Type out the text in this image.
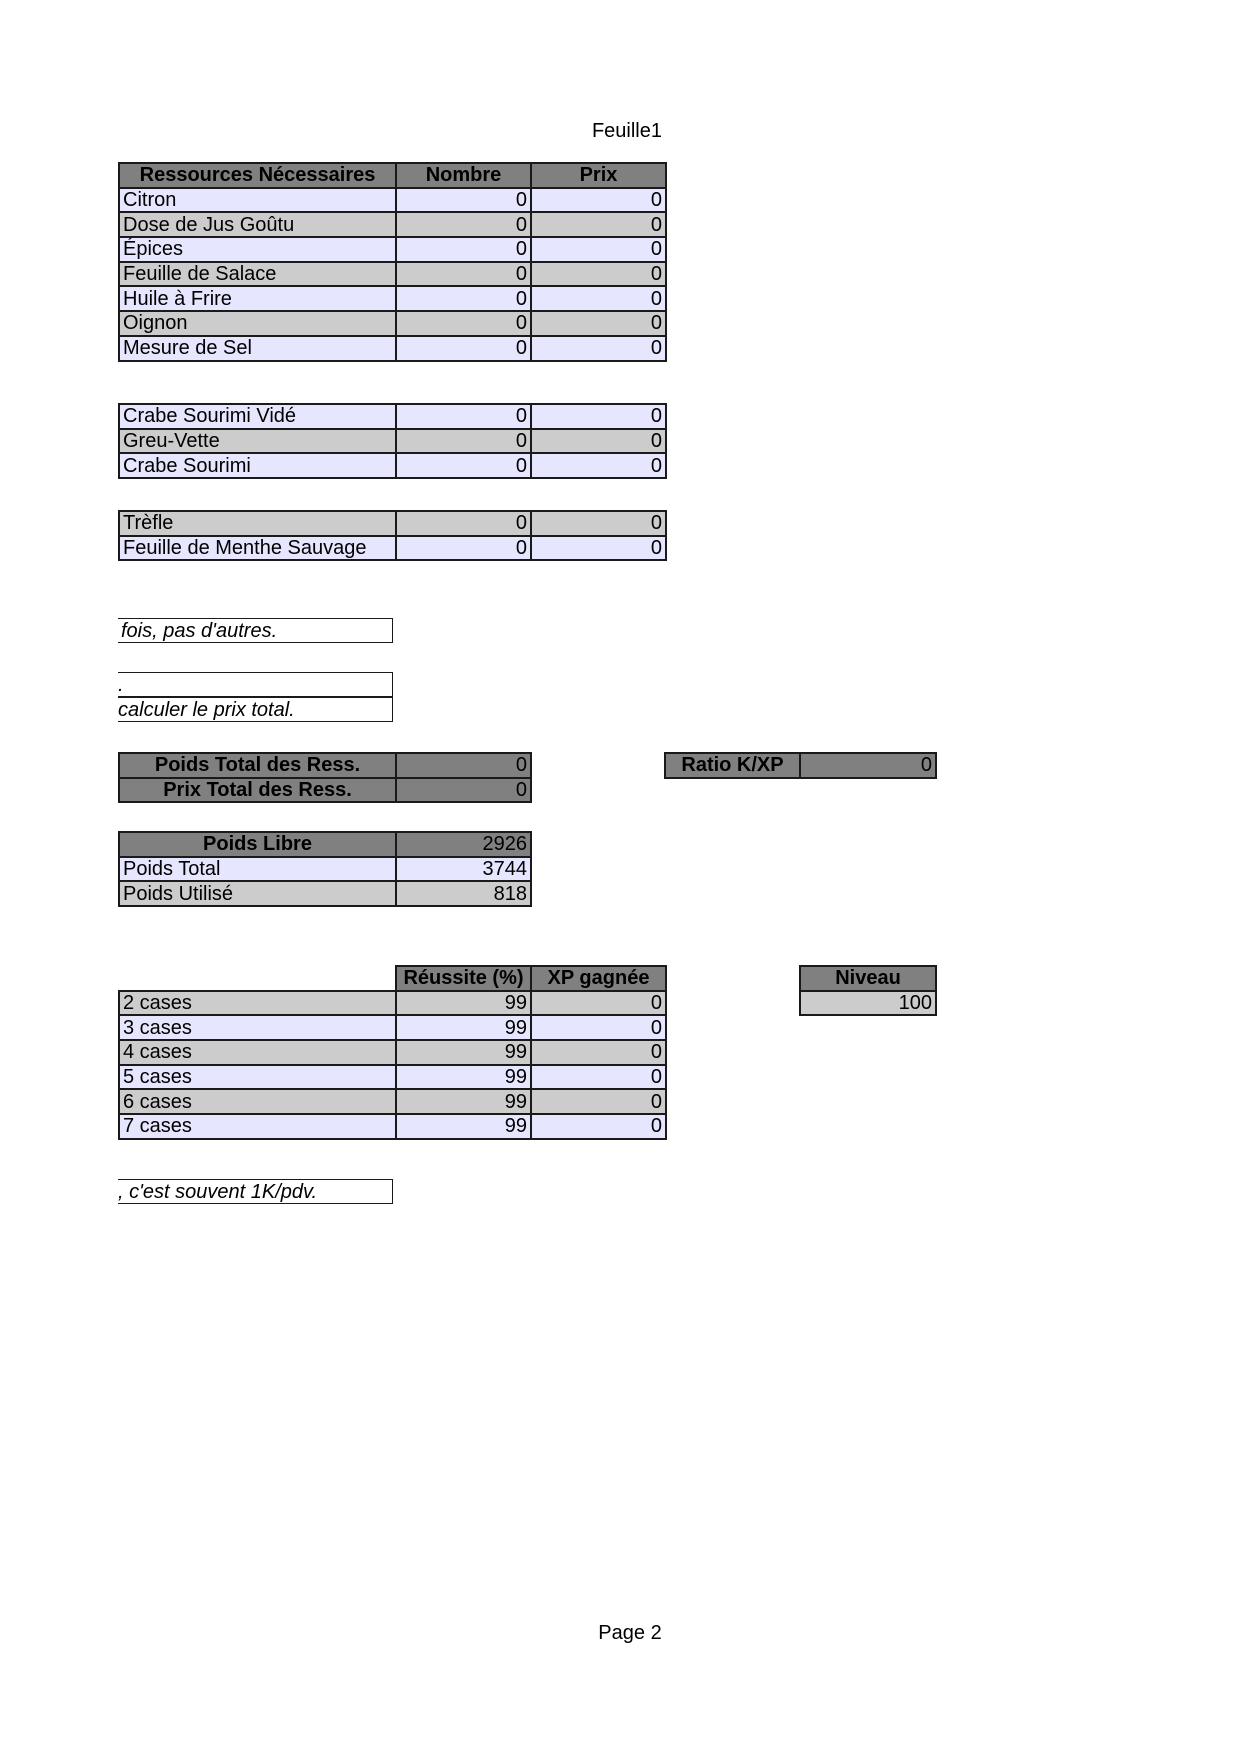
Feuille1
Ressources Nécessaires	Nombre	Prix
Citron	0	0
Dose de Jus Goûtu	0	0
Épices	0	0
Feuille de Salace	0	0
Huile à Frire	0	0
Oignon	0	0
Mesure de Sel	0	0
Crabe Sourimi Vidé	0	0
Greu-Vette	0	0
Crabe Sourimi	0	0
Trèfle	0	0
Feuille de Menthe Sauvage	0	0
fois, pas d'autres.
.
calculer le prix total.
Poids Total des Ress.	0
Prix Total des Ress.	0
Ratio K/XP	0
Poids Libre	2926
Poids Total	3744
Poids Utilisé	818
	Réussite (%)	XP gagnée
2 cases	99	0
3 cases	99	0
4 cases	99	0
5 cases	99	0
6 cases	99	0
7 cases	99	0
Niveau
100
, c'est souvent 1K/pdv.
Page 2
